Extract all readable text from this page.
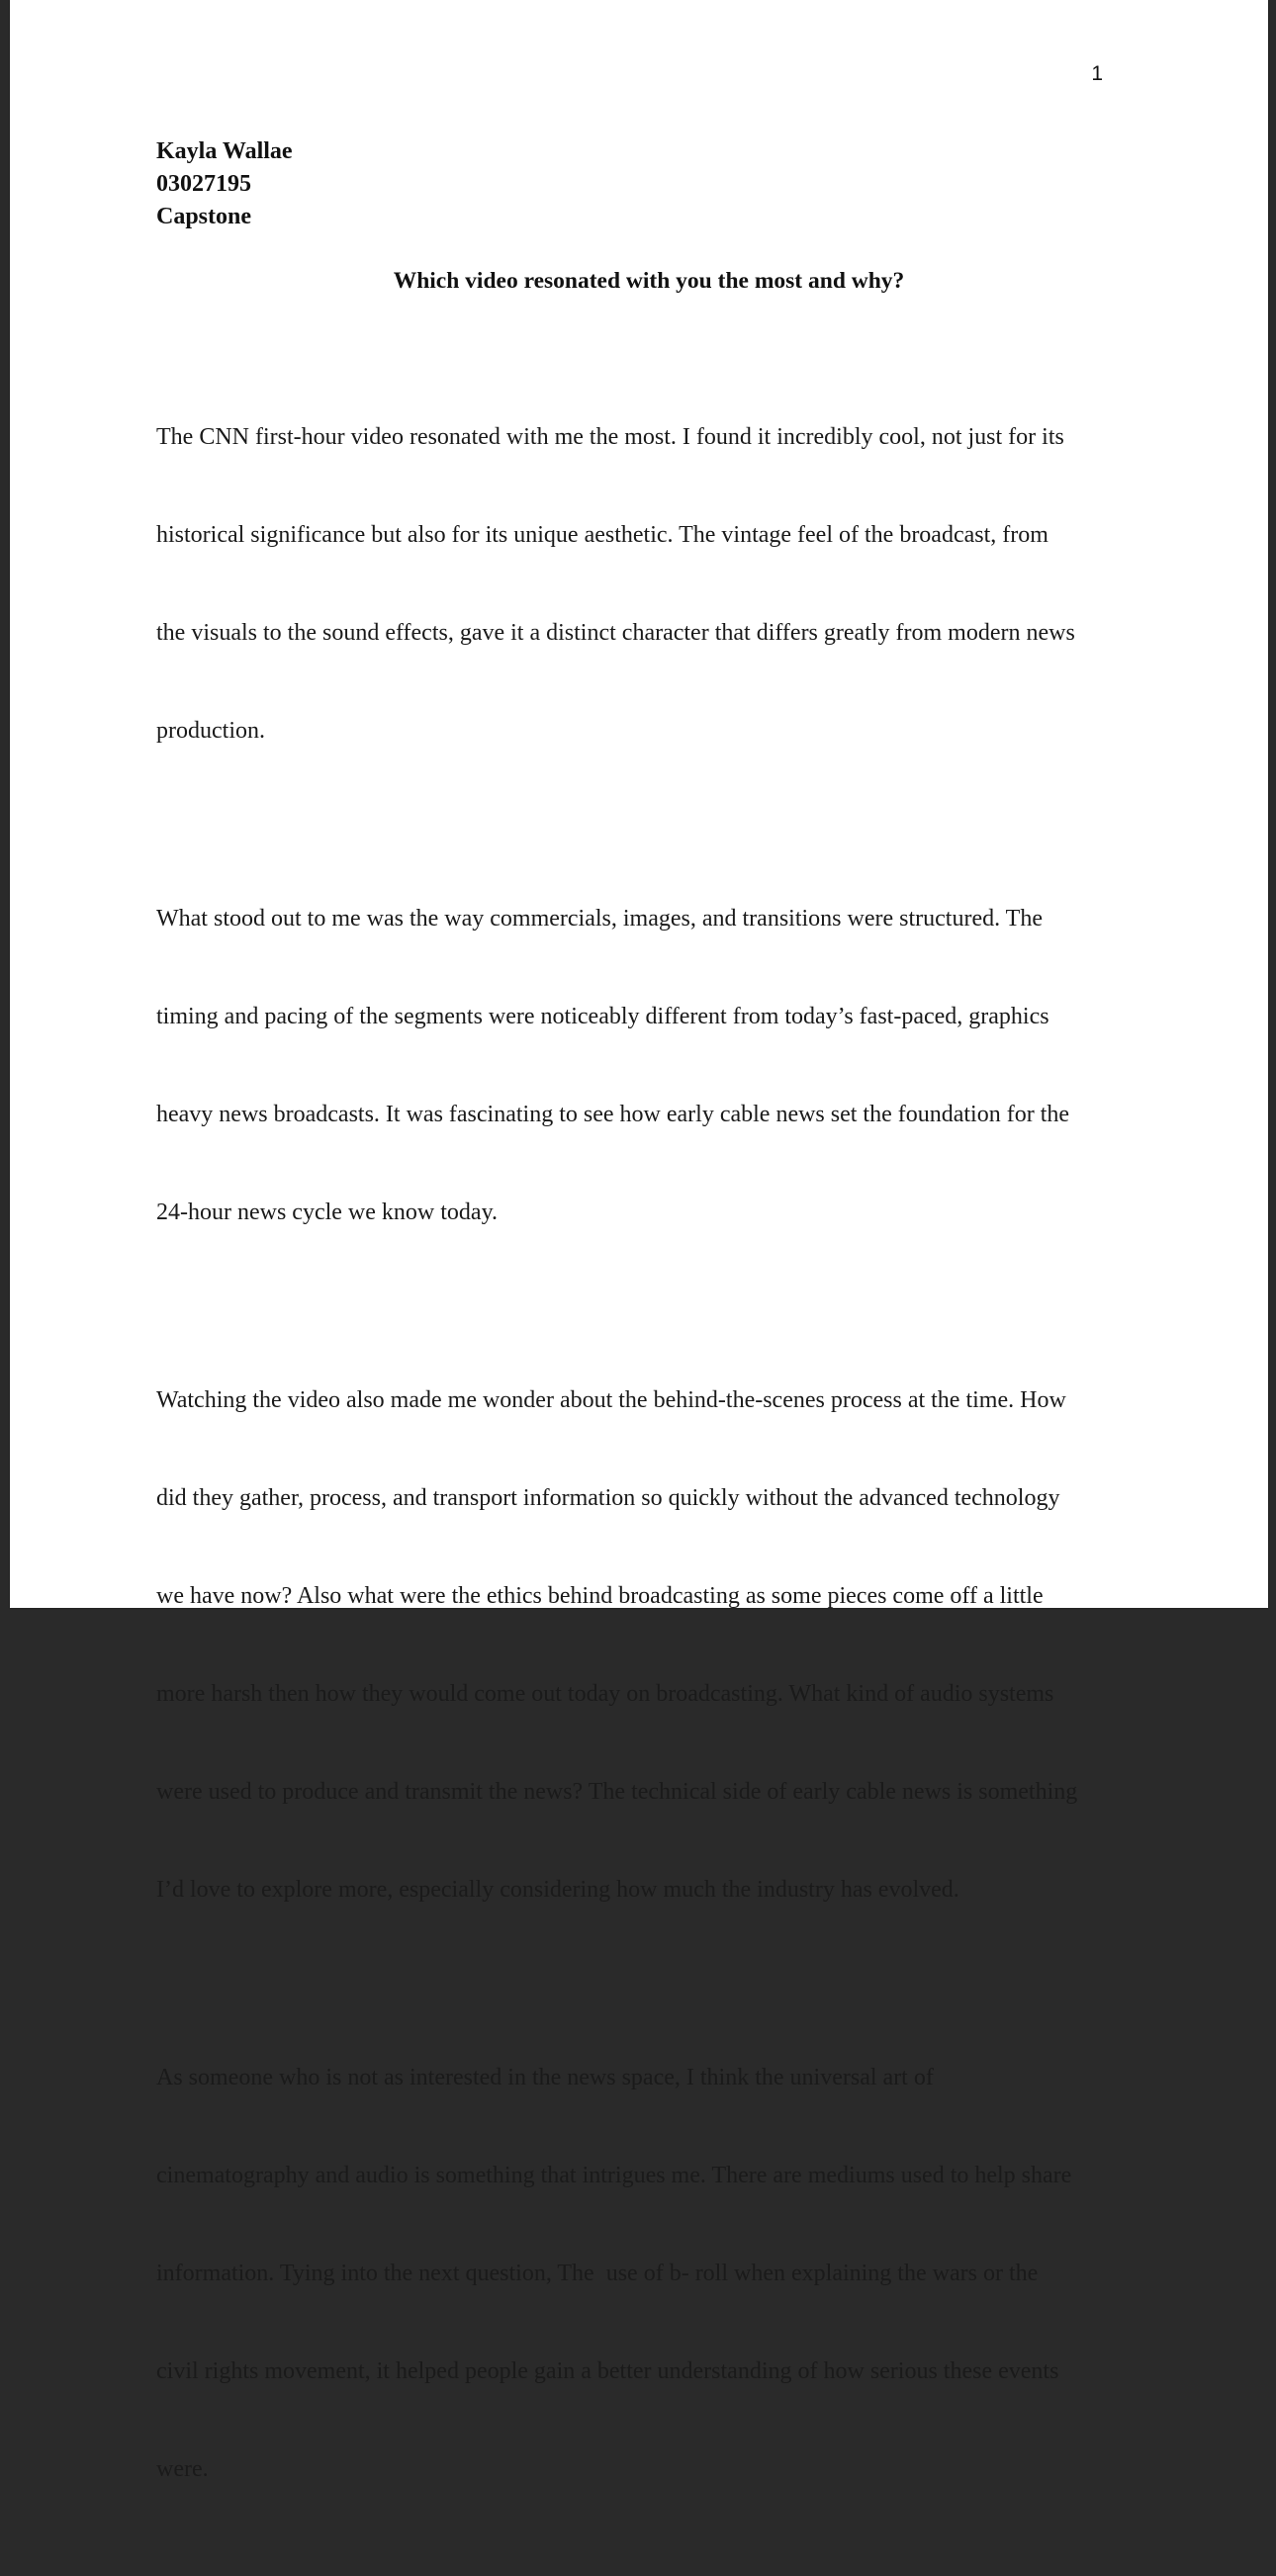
1
Kayla Wallae
03027195
Capstone
Which video resonated with you the most and why?

The CNN first-hour video resonated with me the most. I found it incredibly cool, not just for its

historical significance but also for its unique aesthetic. The vintage feel of the broadcast, from

the visuals to the sound effects, gave it a distinct character that differs greatly from modern news

production.

What stood out to me was the way commercials, images, and transitions were structured. The

timing and pacing of the segments were noticeably different from today’s fast-paced, graphics

heavy news broadcasts. It was fascinating to see how early cable news set the foundation for the

24-hour news cycle we know today.

Watching the video also made me wonder about the behind-the-scenes process at the time. How

did they gather, process, and transport information so quickly without the advanced technology

we have now? Also what were the ethics behind broadcasting as some pieces come off a little

more harsh then how they would come out today on broadcasting. What kind of audio systems

were used to produce and transmit the news? The technical side of early cable news is something

I’d love to explore more, especially considering how much the industry has evolved.

As someone who is not as interested in the news space, I think the universal art of

cinematography and audio is something that intrigues me. There are mediums used to help share

information. Tying into the next question, The  use of b- roll when explaining the wars or the

civil rights movement, it helped people gain a better understanding of how serious these events

were.
